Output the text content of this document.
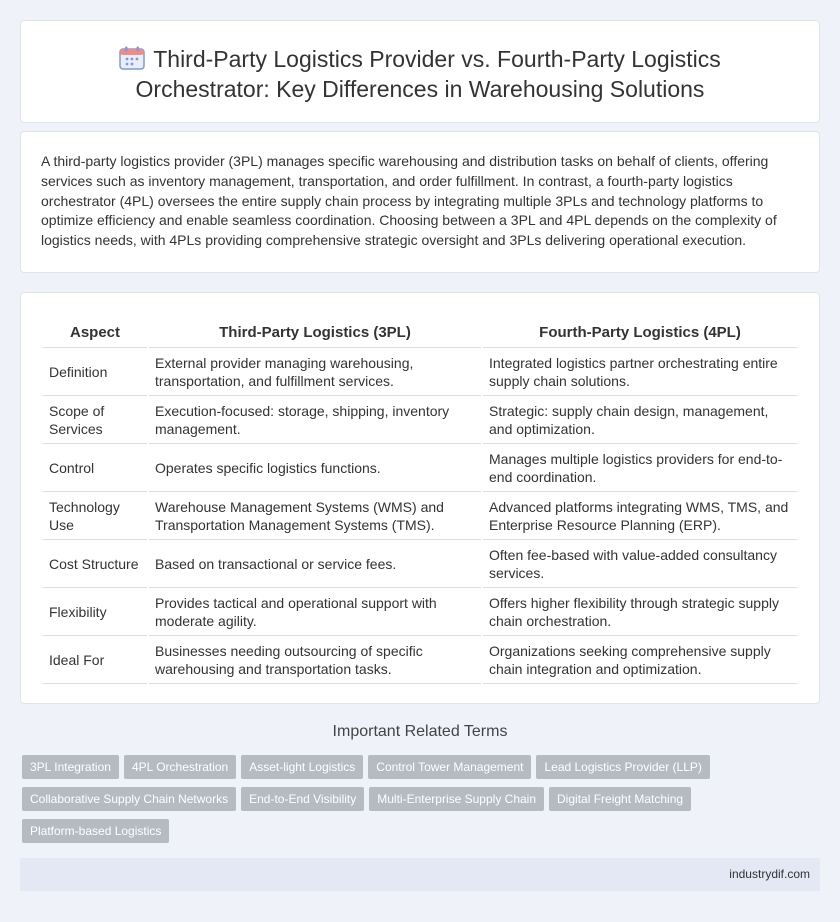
Third-Party Logistics Provider vs. Fourth-Party Logistics
Orchestrator: Key Differences in Warehousing Solutions
A third-party logistics provider (3PL) manages specific warehousing and distribution tasks on behalf of clients, offering services such as inventory management, transportation, and order fulfillment. In contrast, a fourth-party logistics orchestrator (4PL) oversees the entire supply chain process by integrating multiple 3PLs and technology platforms to optimize efficiency and enable seamless coordination. Choosing between a 3PL and 4PL depends on the complexity of logistics needs, with 4PLs providing comprehensive strategic oversight and 3PLs delivering operational execution.
Aspect	Third-Party Logistics (3PL)	Fourth-Party Logistics (4PL)
Definition	External provider managing warehousing, transportation, and fulfillment services.	Integrated logistics partner orchestrating entire supply chain solutions.
Scope of Services	Execution-focused: storage, shipping, inventory management.	Strategic: supply chain design, management, and optimization.
Control	Operates specific logistics functions.	Manages multiple logistics providers for end-to-end coordination.
Technology Use	Warehouse Management Systems (WMS) and Transportation Management Systems (TMS).	Advanced platforms integrating WMS, TMS, and Enterprise Resource Planning (ERP).
Cost Structure	Based on transactional or service fees.	Often fee-based with value-added consultancy services.
Flexibility	Provides tactical and operational support with moderate agility.	Offers higher flexibility through strategic supply chain orchestration.
Ideal For	Businesses needing outsourcing of specific warehousing and transportation tasks.	Organizations seeking comprehensive supply chain integration and optimization.
Important Related Terms
3PL Integration 4PL Orchestration Asset-light Logistics Control Tower Management Lead Logistics Provider (LLP)
Collaborative Supply Chain Networks End-to-End Visibility Multi-Enterprise Supply Chain Digital Freight Matching
Platform-based Logistics
industrydif.com
